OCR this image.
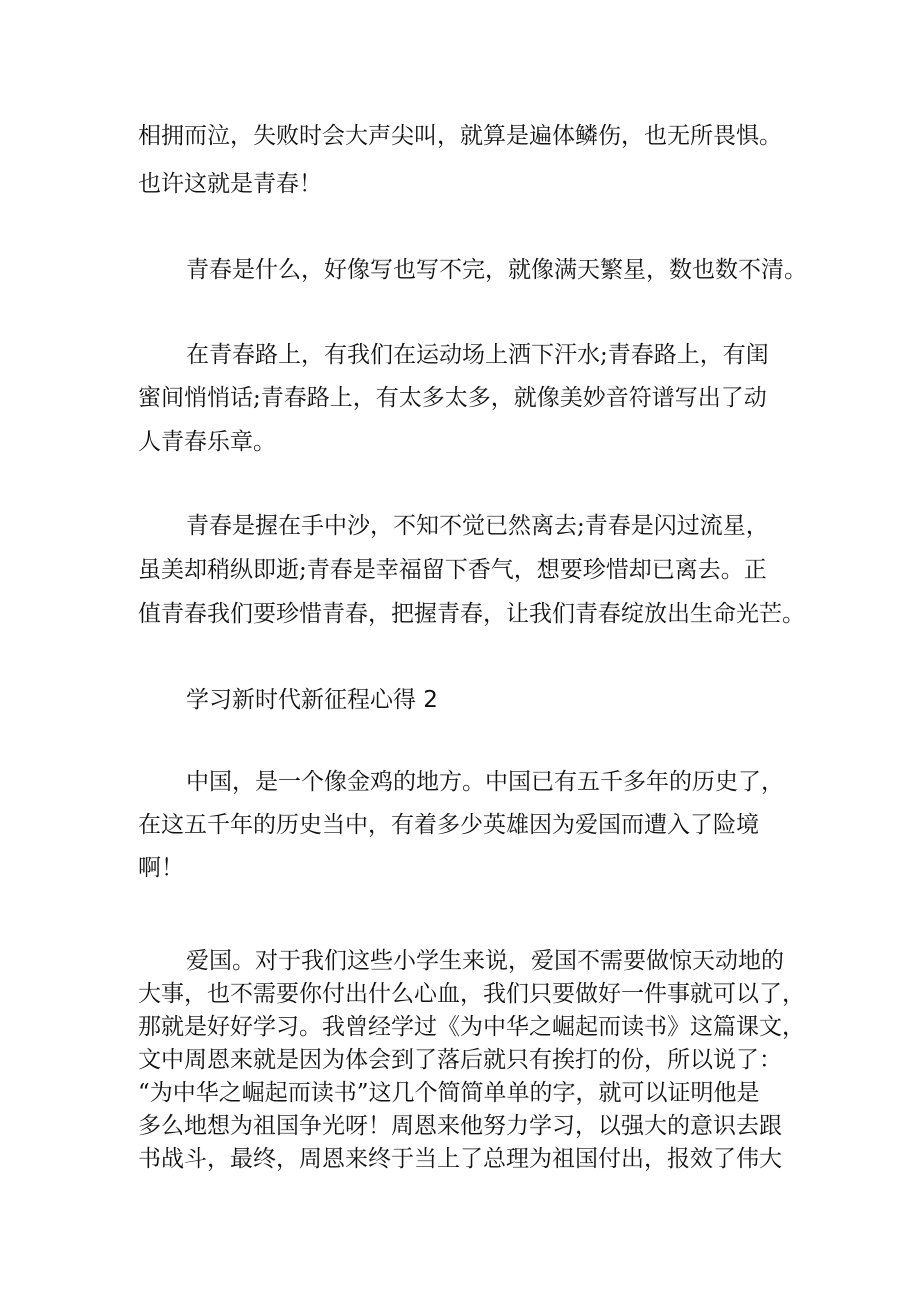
相拥而泣，失败时会大声尖叫，就算是遍体鳞伤，也无所畏惧。
也许这就是青春！
青春是什么，好像写也写不完，就像满天繁星，数也数不清。
在青春路上，有我们在运动场上洒下汗水;青春路上，有闺
蜜间悄悄话;青春路上，有太多太多，就像美妙音符谱写出了动
人青春乐章。
青春是握在手中沙，不知不觉已然离去;青春是闪过流星，
虽美却稍纵即逝;青春是幸福留下香气，想要珍惜却已离去。正
值青春我们要珍惜青春，把握青春，让我们青春绽放出生命光芒。
学习新时代新征程心得 2
中国，是一个像金鸡的地方。中国已有五千多年的历史了，
在这五千年的历史当中，有着多少英雄因为爱国而遭入了险境
啊！
爱国。对于我们这些小学生来说，爱国不需要做惊天动地的
大事，也不需要你付出什么心血，我们只要做好一件事就可以了，
那就是好好学习。我曾经学过《为中华之崛起而读书》这篇课文，
文中周恩来就是因为体会到了落后就只有挨打的份，所以说了：
“为中华之崛起而读书”这几个简简单单的字，就可以证明他是
多么地想为祖国争光呀！周恩来他努力学习，以强大的意识去跟
书战斗，最终，周恩来终于当上了总理为祖国付出，报效了伟大
